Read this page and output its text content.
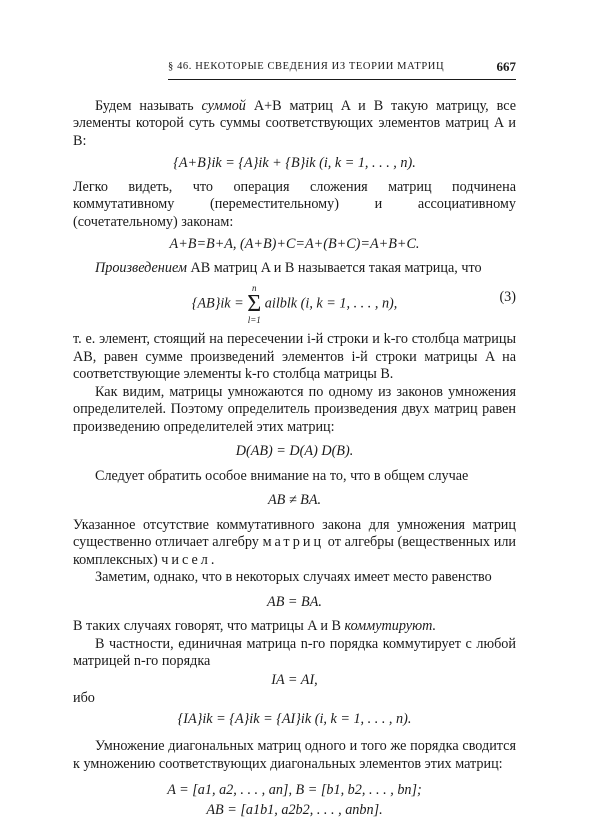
§ 46. НЕКОТОРЫЕ СВЕДЕНИЯ ИЗ ТЕОРИИ МАТРИЦ	667

Будем называть суммой A+B матриц A и B такую матрицу, все элементы которой суть суммы соответствующих элементов матриц A и B:

{A+B}ik = {A}ik + {B}ik (i, k = 1, . . . , n).

Легко видеть, что операция сложения матриц подчинена коммутативному (переместительному) и ассоциативному (сочетательному) законам:

A+B=B+A, (A+B)+C=A+(B+C)=A+B+C.

Произведением AB матриц A и B называется такая матрица, что

{AB}ik =
n
Σ
l=1
ailblk (i, k = 1, . . . , n),	(3)

т. е. элемент, стоящий на пересечении i-й строки и k-го столбца матрицы AB, равен сумме произведений элементов i-й строки матрицы A на соответствующие элементы k-го столбца матрицы B.

Как видим, матрицы умножаются по одному из законов умножения определителей. Поэтому определитель произведения двух матриц равен произведению определителей этих матриц:

D(AB) = D(A) D(B).

Следует обратить особое внимание на то, что в общем случае

AB ≠ BA.

Указанное отсутствие коммутативного закона для умножения матриц существенно отличает алгебру матриц от алгебры (вещественных или комплексных) чисел.

Заметим, однако, что в некоторых случаях имеет место равенство

AB = BA.

В таких случаях говорят, что матрицы A и B коммутируют.

В частности, единичная матрица n-го порядка коммутирует с любой матрицей n-го порядка

IA = AI,

ибо

{IA}ik = {A}ik = {AI}ik (i, k = 1, . . . , n).

Умножение диагональных матриц одного и того же порядка сводится к умножению соответствующих диагональных элементов этих матриц:

A = [a1, a2, . . . , an], B = [b1, b2, . . . , bn];

AB = [a1b1, a2b2, . . . , anbn].
